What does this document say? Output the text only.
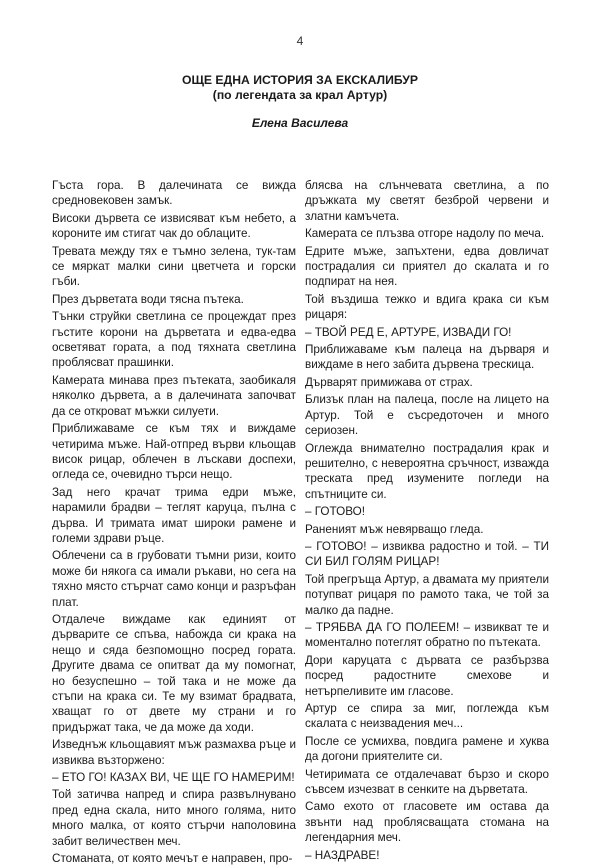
4
ОЩЕ ЕДНА ИСТОРИЯ ЗА ЕКСКАЛИБУР
(по легендата за крал Артур)
Елена Василева

Гъста гора. В далечината се вижда средновековен замък.

Високи дървета се извисяват към небето, а короните им стигат чак до облаците.

Тревата между тях е тъмно зелена, тук-там се мяркат малки сини цветчета и горски гъби.

През дърветата води тясна пътека.

Тънки струйки светлина се процеждат през гъстите корони на дърветата и едва-едва осветяват гората, а под тяхната светлина проблясват прашинки.

Камерата минава през пътеката, заобикаля няколко дървета, а в далечината започват да се откроват мъжки силуети.

Приближаваме се към тях и виждаме четирима мъже. Най-отпред върви кльощав висок рицар, облечен в лъскави доспехи, огледа се, очевидно търси нещо.

Зад него крачат трима едри мъже, нарамили брадви – теглят каруца, пълна с дърва. И тримата имат широки рамене и големи здрави ръце.

Облечени са в грубовати тъмни ризи, които може би някога са имали ръкави, но сега на тяхно място стърчат само конци и разръфан плат.

Отдалече виждаме как единият от дърварите се спъва, набожда си крака на нещо и сяда безпомощно посред гората. Другите двама се опитват да му помогнат, но безуспешно – той така и не може да стъпи на крака си. Те му взимат брадвата, хващат го от двете му страни и го придържат така, че да може да ходи.

Изведнъж кльощавият мъж размахва ръце и извиква възторжено:

– ЕТО ГО! КАЗАХ ВИ, ЧЕ ЩЕ ГО НАМЕРИМ!

Той затичва напред и спира развълнувано пред една скала, нито много голяма, нито много малка, от която стърчи наполовина забит величествен меч.

Стоманата, от която мечът е направен, про-

блясва на слънчевата светлина, а по дръжката му светят безброй червени и златни камъчета.

Камерата се плъзва отгоре надолу по меча.

Едрите мъже, запъхтени, едва довличат пострадалия си приятел до скалата и го подпират на нея.

Той въздиша тежко и вдига крака си към рицаря:

– ТВОЙ РЕД Е, АРТУРЕ, ИЗВАДИ ГО!

Приближаваме към палеца на дърваря и виждаме в него забита дървена трескица.

Дърварят примижава от страх.

Близък план на палеца, после на лицето на Артур. Той е съсредоточен и много сериозен.

Оглежда внимателно пострадалия крак и решително, с невероятна сръчност, изважда треската пред изумените погледи на спътниците си.

– ГОТОВО!

Раненият мъж невярващо гледа.

– ГОТОВО! – извиква радостно и той. – ТИ СИ БИЛ ГОЛЯМ РИЦАР!

Той прегръща Артур, а двамата му приятели потупват рицаря по рамото така, че той за малко да падне.

– ТРЯБВА ДА ГО ПОЛЕЕМ! – извикват те и моментално потеглят обратно по пътеката.

Дори каруцата с дървата се разбързва посред радостните смехове и нетърпеливите им гласове.

Артур се спира за миг, поглежда към скалата с неизвадения меч...

После се усмихва, повдига рамене и хуква да догони приятелите си.

Четиримата се отдалечават бързо и скоро съвсем изчезват в сенките на дърветата.

Само ехото от гласовете им остава да звънти над проблясващата стомана на легендарния меч.

– НАЗДРАВЕ!
